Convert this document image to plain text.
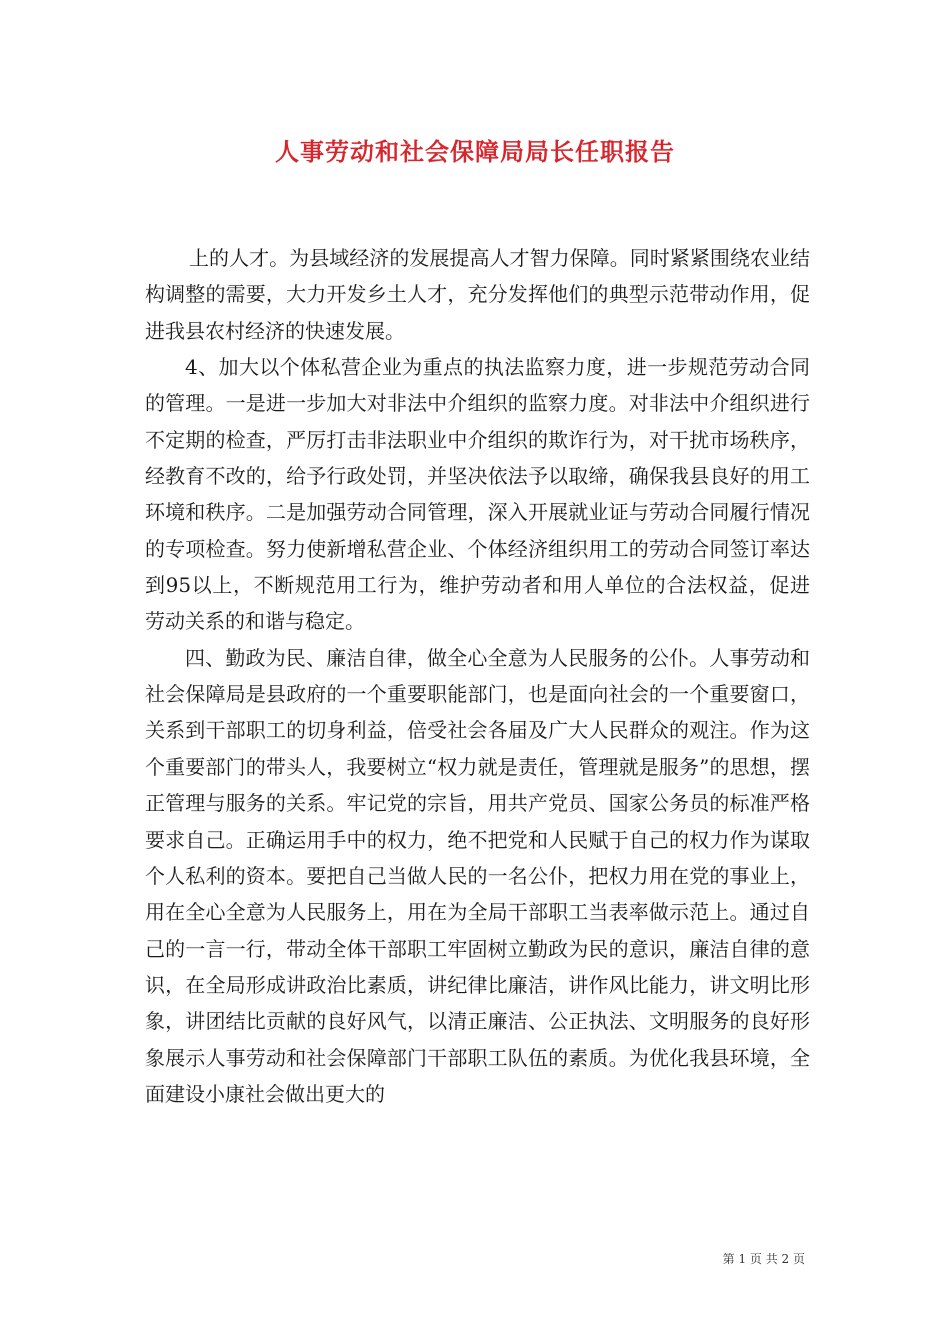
人事劳动和社会保障局局长任职报告

上的人才。为县域经济的发展提高人才智力保障。同时紧紧围绕农业结构调整的需要，大力开发乡土人才，充分发挥他们的典型示范带动作用，促进我县农村经济的快速发展。

4、加大以个体私营企业为重点的执法监察力度，进一步规范劳动合同的管理。一是进一步加大对非法中介组织的监察力度。对非法中介组织进行不定期的检查，严厉打击非法职业中介组织的欺诈行为，对干扰市场秩序，经教育不改的，给予行政处罚，并坚决依法予以取缔，确保我县良好的用工环境和秩序。二是加强劳动合同管理，深入开展就业证与劳动合同履行情况的专项检查。努力使新增私营企业、个体经济组织用工的劳动合同签订率达到95以上，不断规范用工行为，维护劳动者和用人单位的合法权益，促进劳动关系的和谐与稳定。

四、勤政为民、廉洁自律，做全心全意为人民服务的公仆。人事劳动和社会保障局是县政府的一个重要职能部门，也是面向社会的一个重要窗口，关系到干部职工的切身利益，倍受社会各届及广大人民群众的观注。作为这个重要部门的带头人，我要树立“权力就是责任，管理就是服务”的思想，摆正管理与服务的关系。牢记党的宗旨，用共产党员、国家公务员的标准严格要求自己。正确运用手中的权力，绝不把党和人民赋于自己的权力作为谋取个人私利的资本。要把自己当做人民的一名公仆，把权力用在党的事业上，用在全心全意为人民服务上，用在为全局干部职工当表率做示范上。通过自己的一言一行，带动全体干部职工牢固树立勤政为民的意识，廉洁自律的意识，在全局形成讲政治比素质，讲纪律比廉洁，讲作风比能力，讲文明比形象，讲团结比贡献的良好风气，以清正廉洁、公正执法、文明服务的良好形象展示人事劳动和社会保障部门干部职工队伍的素质。为优化我县环境，全面建设小康社会做出更大的

第 1 页 共 2 页
